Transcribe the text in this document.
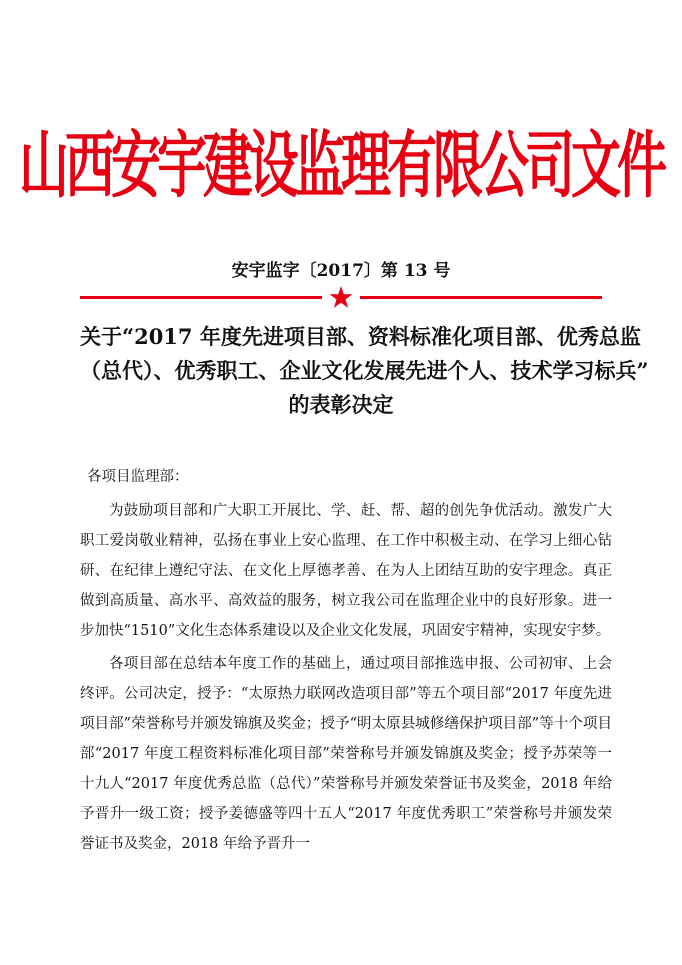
山西安宇建设监理有限公司文件
安宇监字〔2017〕第 13 号
关于“2017 年度先进项目部、资料标准化项目部、优秀总监
（总代）、优秀职工、企业文化发展先进个人、技术学习标兵”
的表彰决定
各项目监理部：

为鼓励项目部和广大职工开展比、学、赶、帮、超的创先争优活动。激发广大职工爱岗敬业精神，弘扬在事业上安心监理、在工作中积极主动、在学习上细心钻研、在纪律上遵纪守法、在文化上厚德孝善、在为人上团结互助的安宇理念。真正做到高质量、高水平、高效益的服务，树立我公司在监理企业中的良好形象。进一步加快“1510”文化生态体系建设以及企业文化发展，巩固安宇精神，实现安宇梦。

各项目部在总结本年度工作的基础上，通过项目部推选申报、公司初审、上会终评。公司决定，授予：“太原热力联网改造项目部”等五个项目部“2017 年度先进项目部”荣誉称号并颁发锦旗及奖金；授予“明太原县城修缮保护项目部”等十个项目部“2017 年度工程资料标准化项目部”荣誉称号并颁发锦旗及奖金；授予苏荣等一十九人“2017 年度优秀总监（总代）”荣誉称号并颁发荣誉证书及奖金，2018 年给予晋升一级工资；授予姜德盛等四十五人“2017 年度优秀职工”荣誉称号并颁发荣誉证书及奖金，2018 年给予晋升一
